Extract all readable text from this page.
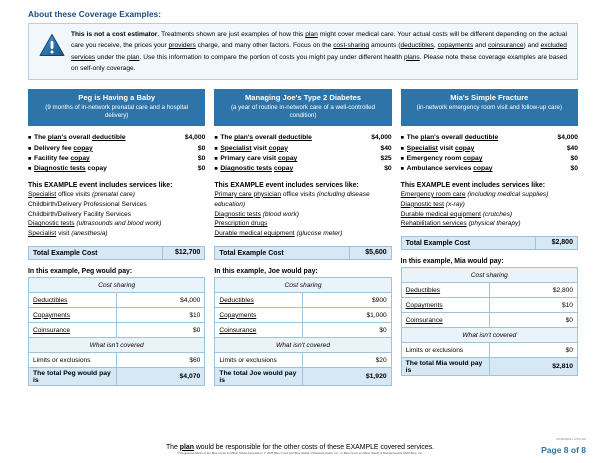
About these Coverage Examples:
This is not a cost estimator. Treatments shown are just examples of how this plan might cover medical care. Your actual costs will be different depending on the actual care you receive, the prices your providers charge, and many other factors. Focus on the cost-sharing amounts (deductibles, copayments and coinsurance) and excluded services under the plan. Use this information to compare the portion of costs you might pay under different health plans. Please note these coverage examples are based on self-only coverage.
Peg is Having a Baby
(9 months of in-network prenatal care and a hospital delivery)
■ The plan's overall deductible	$4,000
■ Delivery fee copay	$0
■ Facility fee copay	$0
■ Diagnostic tests copay	$0
This EXAMPLE event includes services like:
Specialist office visits (prenatal care)
Childbirth/Delivery Professional Services
Childbirth/Delivery Facility Services
Diagnostic tests (ultrasounds and blood work)
Specialist visit (anesthesia)
Total Example Cost	$12,700
In this example, Peg would pay:
Cost sharing	
Deductibles	$4,000
Copayments	$10
Coinsurance	$0
What isn't covered	
Limits or exclusions	$60
The total Peg would pay is	$4,070
Managing Joe's Type 2 Diabetes
(a year of routine in-network care of a well-controlled condition)
■ The plan's overall deductible	$4,000
■ Specialist visit copay	$40
■ Primary care visit copay	$25
■ Diagnostic tests copay	$0
This EXAMPLE event includes services like:
Primary care physician office visits (including disease education)
Diagnostic tests (blood work)
Prescription drugs
Durable medical equipment (glucose meter)
Total Example Cost	$5,600
In this example, Joe would pay:
Cost sharing	
Deductibles	$900
Copayments	$1,000
Coinsurance	$0
What isn't covered	
Limits or exclusions	$20
The total Joe would pay is	$1,920
Mia's Simple Fracture
(in-network emergency room visit and follow-up care)
■ The plan's overall deductible	$4,000
■ Specialist visit copay	$40
■ Emergency room copay	$0
■ Ambulance services copay	$0
This EXAMPLE event includes services like:
Emergency room care (including medical supplies)
Diagnostic test (x-ray)
Durable medical equipment (crutches)
Rehabilitation services (physical therapy)
Total Example Cost	$2,800
In this example, Mia would pay:
Cost sharing	
Deductibles	$2,800
Copayments	$10
Coinsurance	$0
What isn't covered	
Limits or exclusions	$0
The total Mia would pay is	$2,810
The plan would be responsible for the other costs of these EXAMPLE covered services.
® Registered Marks of the Blue Cross and Blue Shield Association. © 2025 Blue Cross and Blue Shield of Massachusetts, Inc., or Blue Cross and Blue Shield of Massachusetts HMO Blue, Inc.
00/00/0000 | 1/1% AM
Page 8 of 8
